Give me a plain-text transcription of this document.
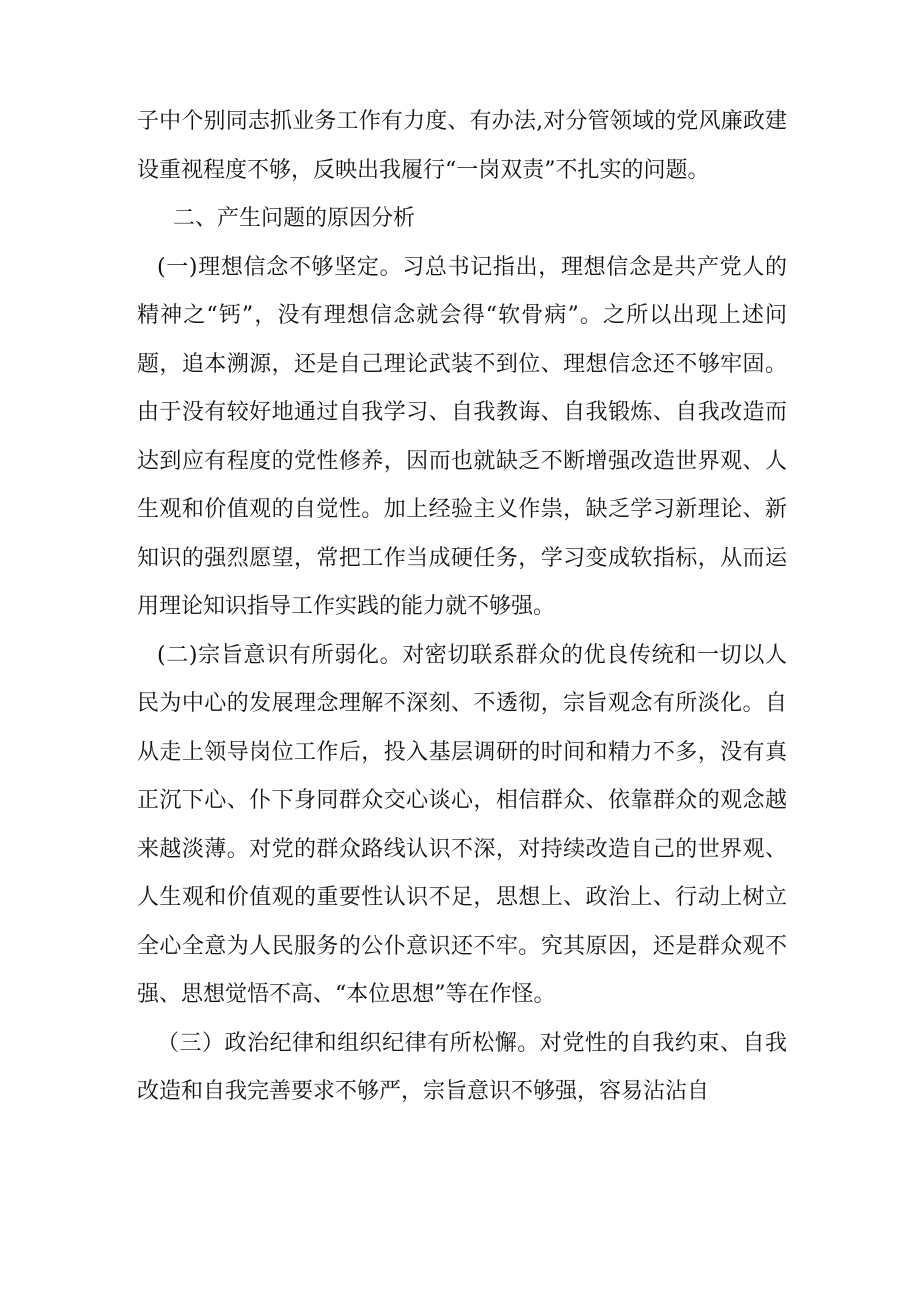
子中个别同志抓业务工作有力度、有办法,对分管领域的党风廉政建设重视程度不够，反映出我履行“一岗双责”不扎实的问题。

二、产生问题的原因分析

(一)理想信念不够坚定。习总书记指出，理想信念是共产党人的精神之“钙”，没有理想信念就会得“软骨病”。之所以出现上述问题，追本溯源，还是自己理论武装不到位、理想信念还不够牢固。由于没有较好地通过自我学习、自我教诲、自我锻炼、自我改造而达到应有程度的党性修养，因而也就缺乏不断增强改造世界观、人生观和价值观的自觉性。加上经验主义作祟，缺乏学习新理论、新知识的强烈愿望，常把工作当成硬任务，学习变成软指标，从而运用理论知识指导工作实践的能力就不够强。

(二)宗旨意识有所弱化。对密切联系群众的优良传统和一切以人民为中心的发展理念理解不深刻、不透彻，宗旨观念有所淡化。自从走上领导岗位工作后，投入基层调研的时间和精力不多，没有真正沉下心、仆下身同群众交心谈心，相信群众、依靠群众的观念越来越淡薄。对党的群众路线认识不深，对持续改造自己的世界观、人生观和价值观的重要性认识不足，思想上、政治上、行动上树立全心全意为人民服务的公仆意识还不牢。究其原因，还是群众观不强、思想觉悟不高、“本位思想”等在作怪。

（三）政治纪律和组织纪律有所松懈。对党性的自我约束、自我改造和自我完善要求不够严，宗旨意识不够强，容易沾沾自
